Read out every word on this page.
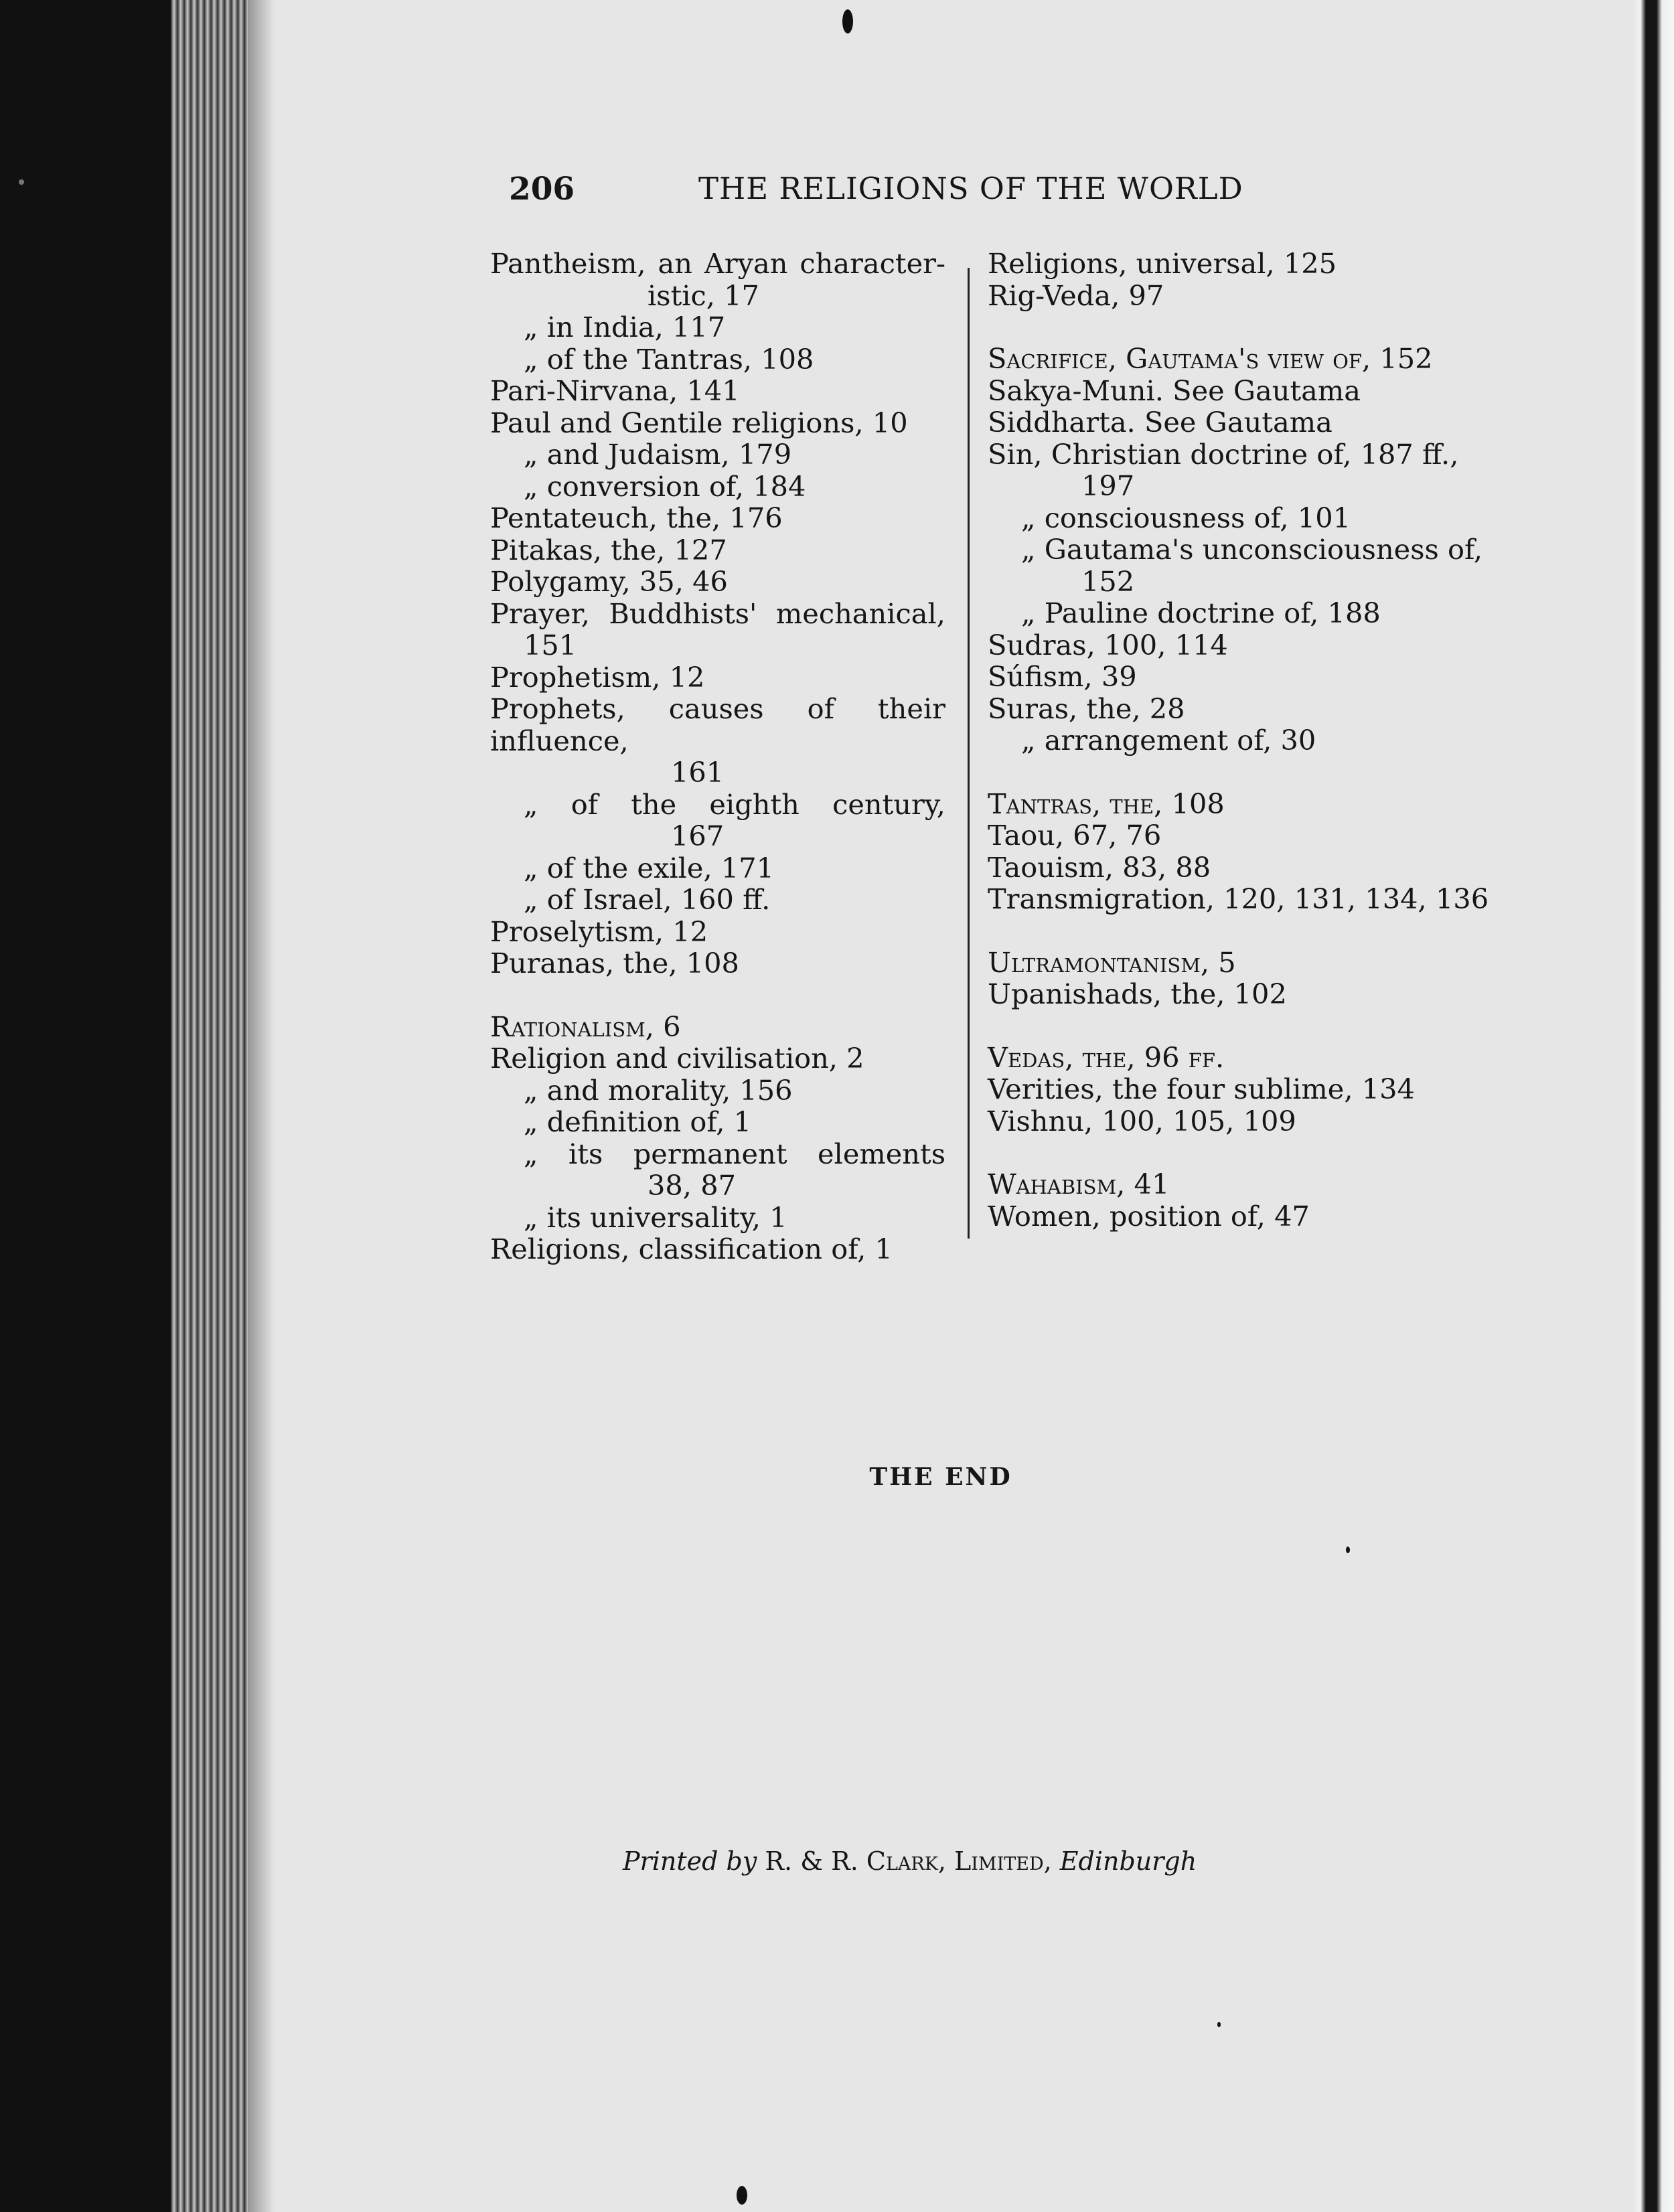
206	THE RELIGIONS OF THE WORLD

Pantheism, an Aryan character-

istic, 17

„ in India, 117

„ of the Tantras, 108

Pari-Nirvana, 141

Paul and Gentile religions, 10

„ and Judaism, 179

„ conversion of, 184

Pentateuch, the, 176

Pitakas, the, 127

Polygamy, 35, 46

Prayer, Buddhists' mechanical,

151

Prophetism, 12

Prophets, causes of their influence,

161

„ of the eighth century,

167

„ of the exile, 171

„ of Israel, 160 ff.

Proselytism, 12

Puranas, the, 108

Rationalism, 6

Religion and civilisation, 2

„ and morality, 156

„ definition of, 1

„ its permanent elements

38, 87

„ its universality, 1

Religions, classification of, 1

Religions, universal, 125

Rig-Veda, 97

Sacrifice, Gautama's view of, 152

Sakya-Muni. See Gautama

Siddharta. See Gautama

Sin, Christian doctrine of, 187 ff.,

197

„ consciousness of, 101

„ Gautama's unconsciousness of,

152

„ Pauline doctrine of, 188

Sudras, 100, 114

Súfism, 39

Suras, the, 28

„ arrangement of, 30

Tantras, the, 108

Taou, 67, 76

Taouism, 83, 88

Transmigration, 120, 131, 134, 136

Ultramontanism, 5

Upanishads, the, 102

Vedas, the, 96 ff.

Verities, the four sublime, 134

Vishnu, 100, 105, 109

Wahabism, 41

Women, position of, 47

THE END
Printed by R. & R. Clark, Limited, Edinburgh
